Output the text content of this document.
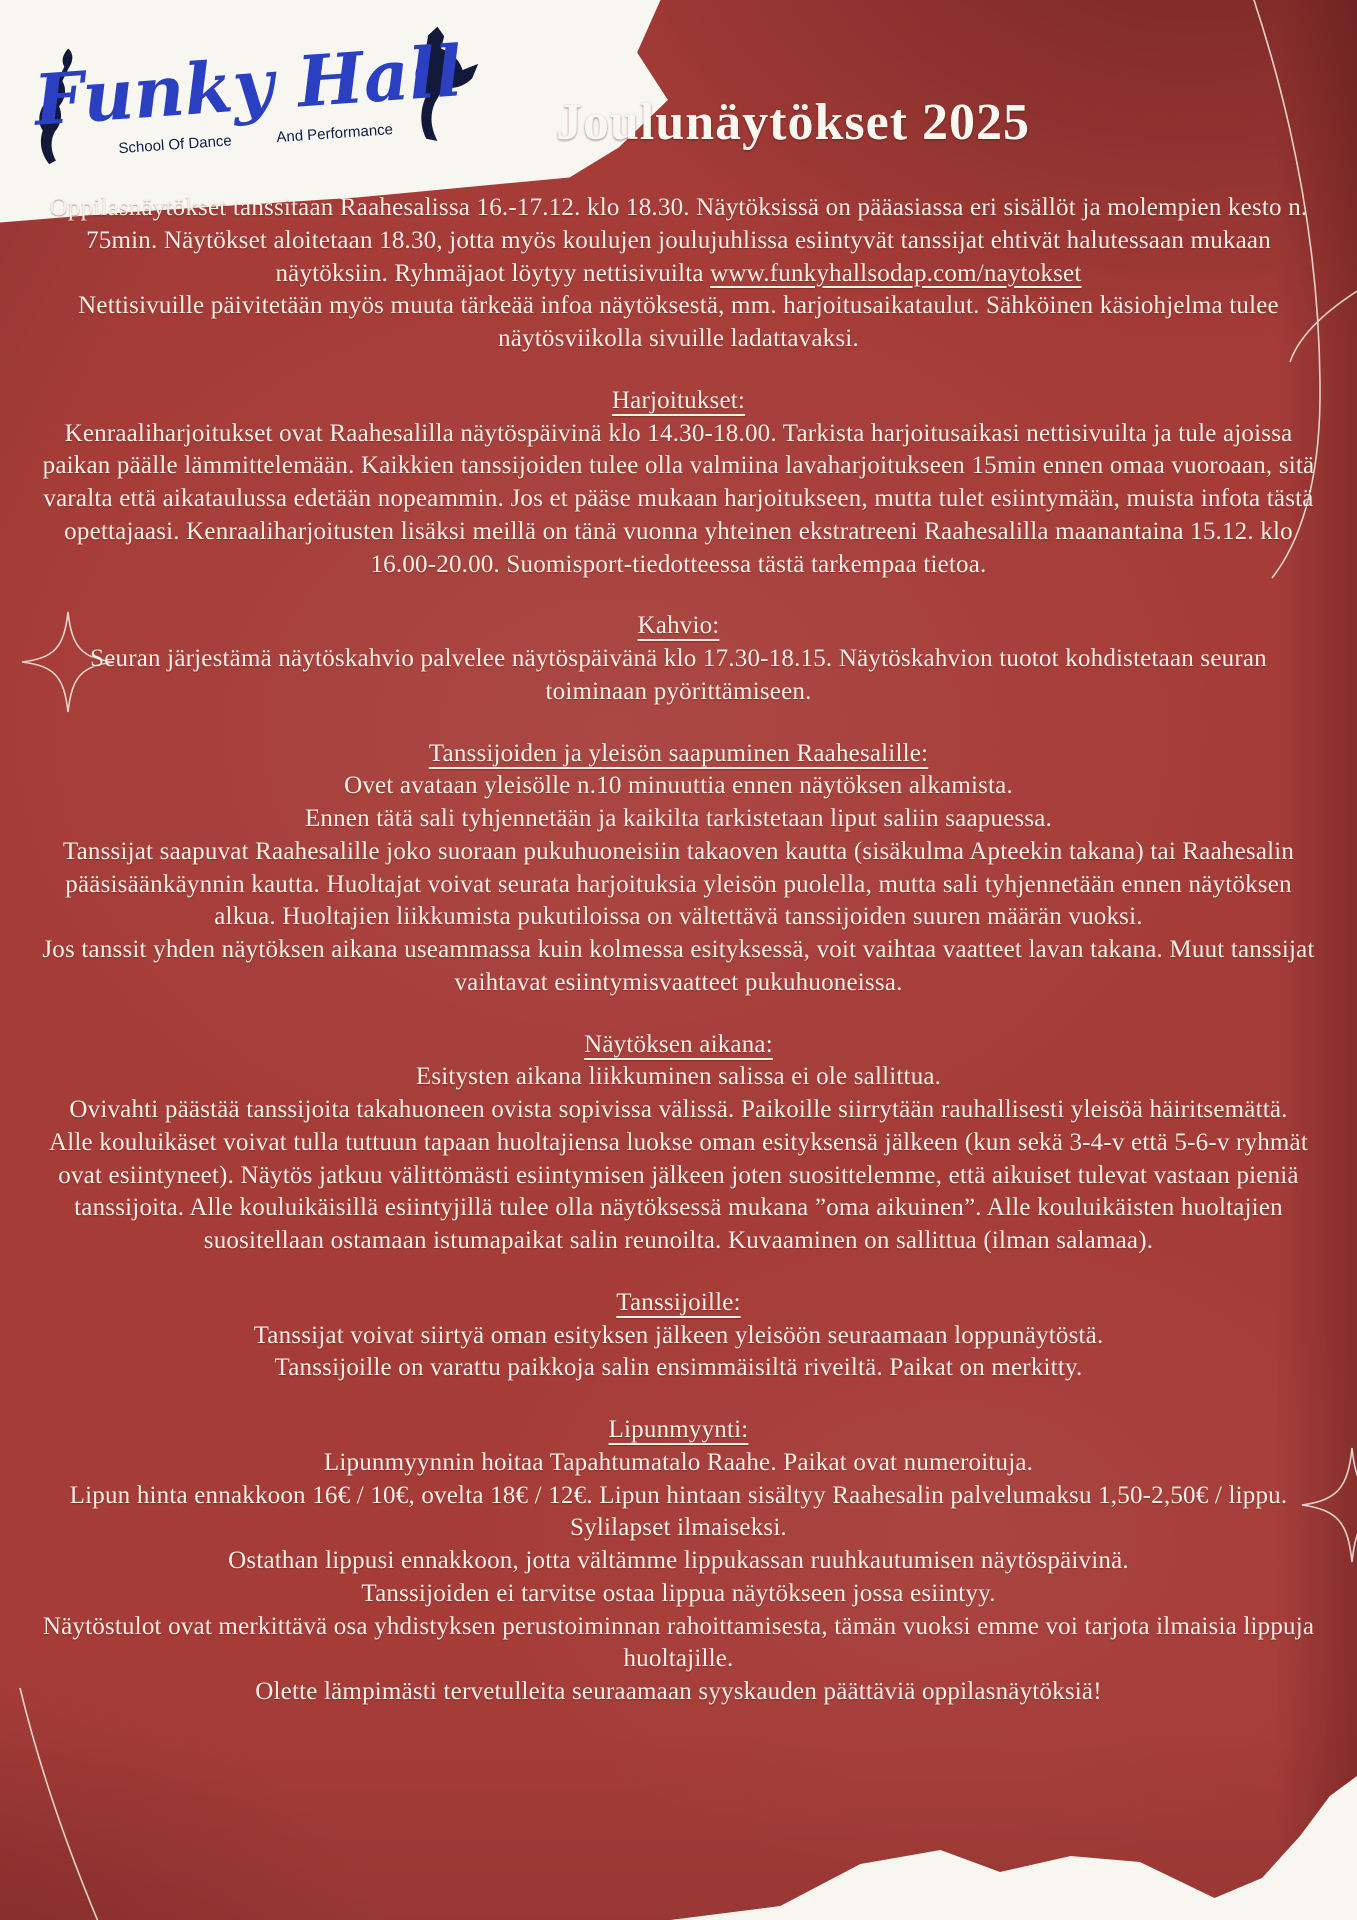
Funky Hall
School Of Dance	And Performance	Joulunäytökset 2025

Oppilasnäytökset tanssitaan Raahesalissa 16.-17.12. klo 18.30. Näytöksissä on pääasiassa eri sisällöt ja molempien kesto n. 75min. Näytökset aloitetaan 18.30, jotta myös koulujen joulujuhlissa esiintyvät tanssijat ehtivät halutessaan mukaan näytöksiin. Ryhmäjaot löytyy nettisivuilta www.funkyhallsodap.com/naytokset

Nettisivuille päivitetään myös muuta tärkeää infoa näytöksestä, mm. harjoitusaikataulut. Sähköinen käsiohjelma tulee näytösviikolla sivuille ladattavaksi.

Harjoitukset:

Kenraaliharjoitukset ovat Raahesalilla näytöspäivinä klo 14.30-18.00. Tarkista harjoitusaikasi nettisivuilta ja tule ajoissa paikan päälle lämmittelemään. Kaikkien tanssijoiden tulee olla valmiina lavaharjoitukseen 15min ennen omaa vuoroaan, sitä varalta että aikataulussa edetään nopeammin. Jos et pääse mukaan harjoitukseen, mutta tulet esiintymään, muista infota tästä opettajaasi. Kenraaliharjoitusten lisäksi meillä on tänä vuonna yhteinen ekstratreeni Raahesalilla maanantaina 15.12. klo 16.00-20.00. Suomisport-tiedotteessa tästä tarkempaa tietoa.

Kahvio:

Seuran järjestämä näytöskahvio palvelee näytöspäivänä klo 17.30-18.15. Näytöskahvion tuotot kohdistetaan seuran toiminaan pyörittämiseen.

Tanssijoiden ja yleisön saapuminen Raahesalille:

Ovet avataan yleisölle n.10 minuuttia ennen näytöksen alkamista.

Ennen tätä sali tyhjennetään ja kaikilta tarkistetaan liput saliin saapuessa.

Tanssijat saapuvat Raahesalille joko suoraan pukuhuoneisiin takaoven kautta (sisäkulma Apteekin takana) tai Raahesalin pääsisäänkäynnin kautta. Huoltajat voivat seurata harjoituksia yleisön puolella, mutta sali tyhjennetään ennen näytöksen alkua. Huoltajien liikkumista pukutiloissa on vältettävä tanssijoiden suuren määrän vuoksi.

Jos tanssit yhden näytöksen aikana useammassa kuin kolmessa esityksessä, voit vaihtaa vaatteet lavan takana. Muut tanssijat vaihtavat esiintymisvaatteet pukuhuoneissa.

Näytöksen aikana:

Esitysten aikana liikkuminen salissa ei ole sallittua.

Ovivahti päästää tanssijoita takahuoneen ovista sopivissa välissä. Paikoille siirrytään rauhallisesti yleisöä häiritsemättä.

Alle kouluikäset voivat tulla tuttuun tapaan huoltajiensa luokse oman esityksensä jälkeen (kun sekä 3-4-v että 5-6-v ryhmät ovat esiintyneet). Näytös jatkuu välittömästi esiintymisen jälkeen joten suosittelemme, että aikuiset tulevat vastaan pieniä tanssijoita. Alle kouluikäisillä esiintyjillä tulee olla näytöksessä mukana ”oma aikuinen”. Alle kouluikäisten huoltajien suositellaan ostamaan istumapaikat salin reunoilta. Kuvaaminen on sallittua (ilman salamaa).

Tanssijoille:

Tanssijat voivat siirtyä oman esityksen jälkeen yleisöön seuraamaan loppunäytöstä.

Tanssijoille on varattu paikkoja salin ensimmäisiltä riveiltä. Paikat on merkitty.

Lipunmyynti:

Lipunmyynnin hoitaa Tapahtumatalo Raahe. Paikat ovat numeroituja.

Lipun hinta ennakkoon 16€ / 10€, ovelta 18€ / 12€. Lipun hintaan sisältyy Raahesalin palvelumaksu 1,50-2,50€ / lippu. Sylilapset ilmaiseksi.

Ostathan lippusi ennakkoon, jotta vältämme lippukassan ruuhkautumisen näytöspäivinä.

Tanssijoiden ei tarvitse ostaa lippua näytökseen jossa esiintyy.

Näytöstulot ovat merkittävä osa yhdistyksen perustoiminnan rahoittamisesta, tämän vuoksi emme voi tarjota ilmaisia lippuja huoltajille.

Olette lämpimästi tervetulleita seuraamaan syyskauden päättäviä oppilasnäytöksiä!
